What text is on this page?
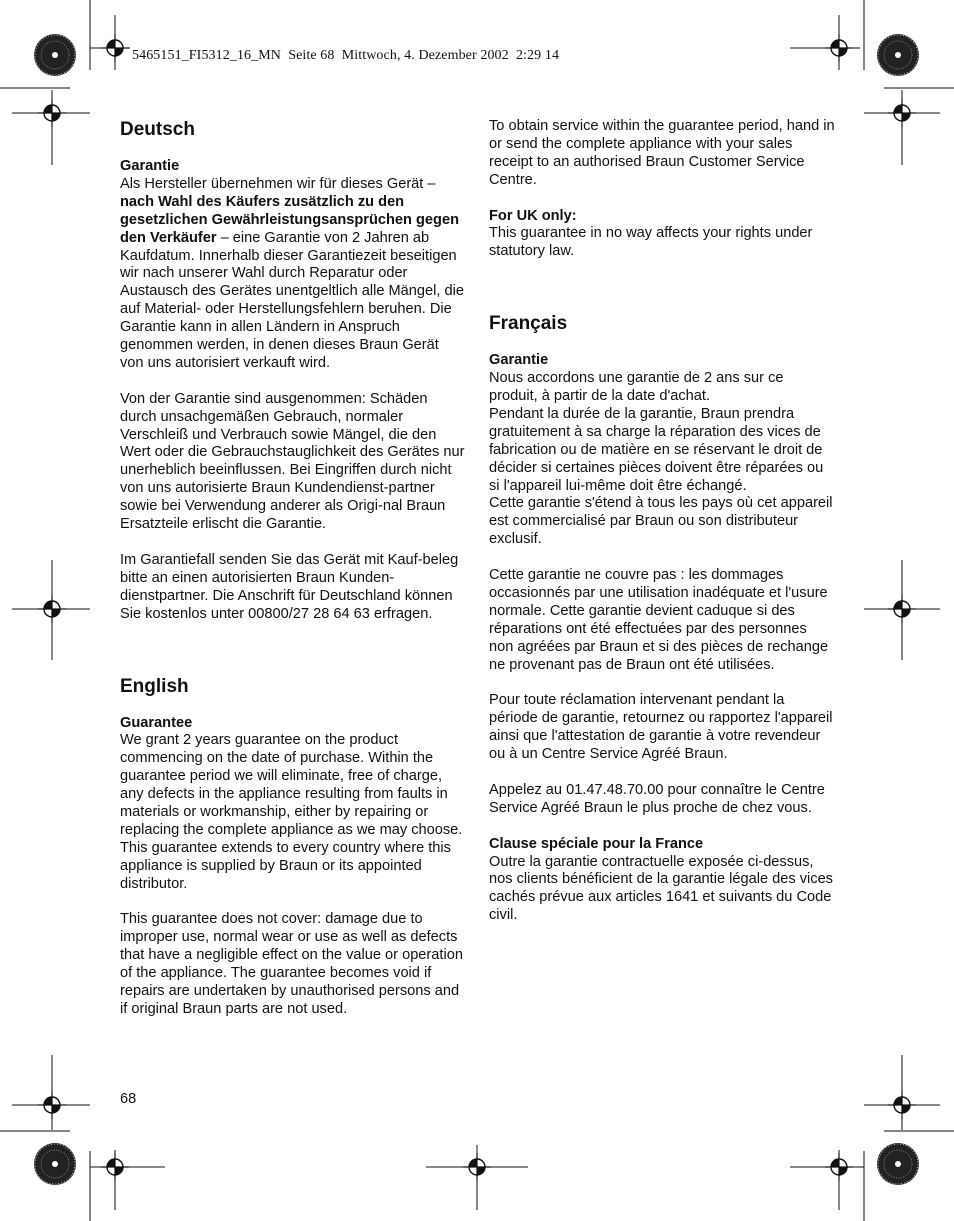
5465151_FI5312_16_MN  Seite 68  Mittwoch, 4. Dezember 2002  2:29 14
Deutsch

Garantie

Als Hersteller übernehmen wir für dieses Gerät – nach Wahl des Käufers zusätzlich zu den gesetzlichen Gewährleistungsansprüchen gegen den Verkäufer – eine Garantie von 2 Jahren ab Kaufdatum. Innerhalb dieser Garantiezeit beseitigen wir nach unserer Wahl durch Reparatur oder Austausch des Gerätes unentgeltlich alle Mängel, die auf Material- oder Herstellungsfehlern beruhen. Die Garantie kann in allen Ländern in Anspruch genommen werden, in denen dieses Braun Gerät von uns autorisiert verkauft wird.

Von der Garantie sind ausgenommen: Schäden durch unsachgemäßen Gebrauch, normaler Verschleiß und Verbrauch sowie Mängel, die den Wert oder die Gebrauchstauglichkeit des Gerätes nur unerheblich beeinflussen. Bei Eingriffen durch nicht von uns autorisierte Braun Kundendienst-partner sowie bei Verwendung anderer als Origi-nal Braun Ersatzteile erlischt die Garantie.

Im Garantiefall senden Sie das Gerät mit Kauf-beleg bitte an einen autorisierten Braun Kunden-dienstpartner. Die Anschrift für Deutschland können Sie kostenlos unter 00800/27 28 64 63 erfragen.

English

Guarantee

We grant 2 years guarantee on the product commencing on the date of purchase. Within the guarantee period we will eliminate, free of charge, any defects in the appliance resulting from faults in materials or workmanship, either by repairing or replacing the complete appliance as we may choose.

This guarantee extends to every country where this appliance is supplied by Braun or its appointed distributor.

This guarantee does not cover: damage due to improper use, normal wear or use as well as defects that have a negligible effect on the value or operation of the appliance. The guarantee becomes void if repairs are undertaken by unauthorised persons and if original Braun parts are not used.

To obtain service within the guarantee period, hand in or send the complete appliance with your sales receipt to an authorised Braun Customer Service Centre.

For UK only:

This guarantee in no way affects your rights under statutory law.

Français

Garantie

Nous accordons une garantie de 2 ans sur ce produit, à partir de la date d'achat.

Pendant la durée de la garantie, Braun prendra gratuitement à sa charge la réparation des vices de fabrication ou de matière en se réservant le droit de décider si certaines pièces doivent être réparées ou si l'appareil lui-même doit être échangé.

Cette garantie s'étend à tous les pays où cet appareil est commercialisé par Braun ou son distributeur exclusif.

Cette garantie ne couvre pas : les dommages occasionnés par une utilisation inadéquate et l'usure normale. Cette garantie devient caduque si des réparations ont été effectuées par des personnes non agréées par Braun et si des pièces de rechange ne provenant pas de Braun ont été utilisées.

Pour toute réclamation intervenant pendant la période de garantie, retournez ou rapportez l'appareil ainsi que l'attestation de garantie à votre revendeur ou à un Centre Service Agréé Braun.

Appelez au 01.47.48.70.00 pour connaître le Centre Service Agréé Braun le plus proche de chez vous.

Clause spéciale pour la France

Outre la garantie contractuelle exposée ci-dessus, nos clients bénéficient de la garantie légale des vices cachés prévue aux articles 1641 et suivants du Code civil.

68
